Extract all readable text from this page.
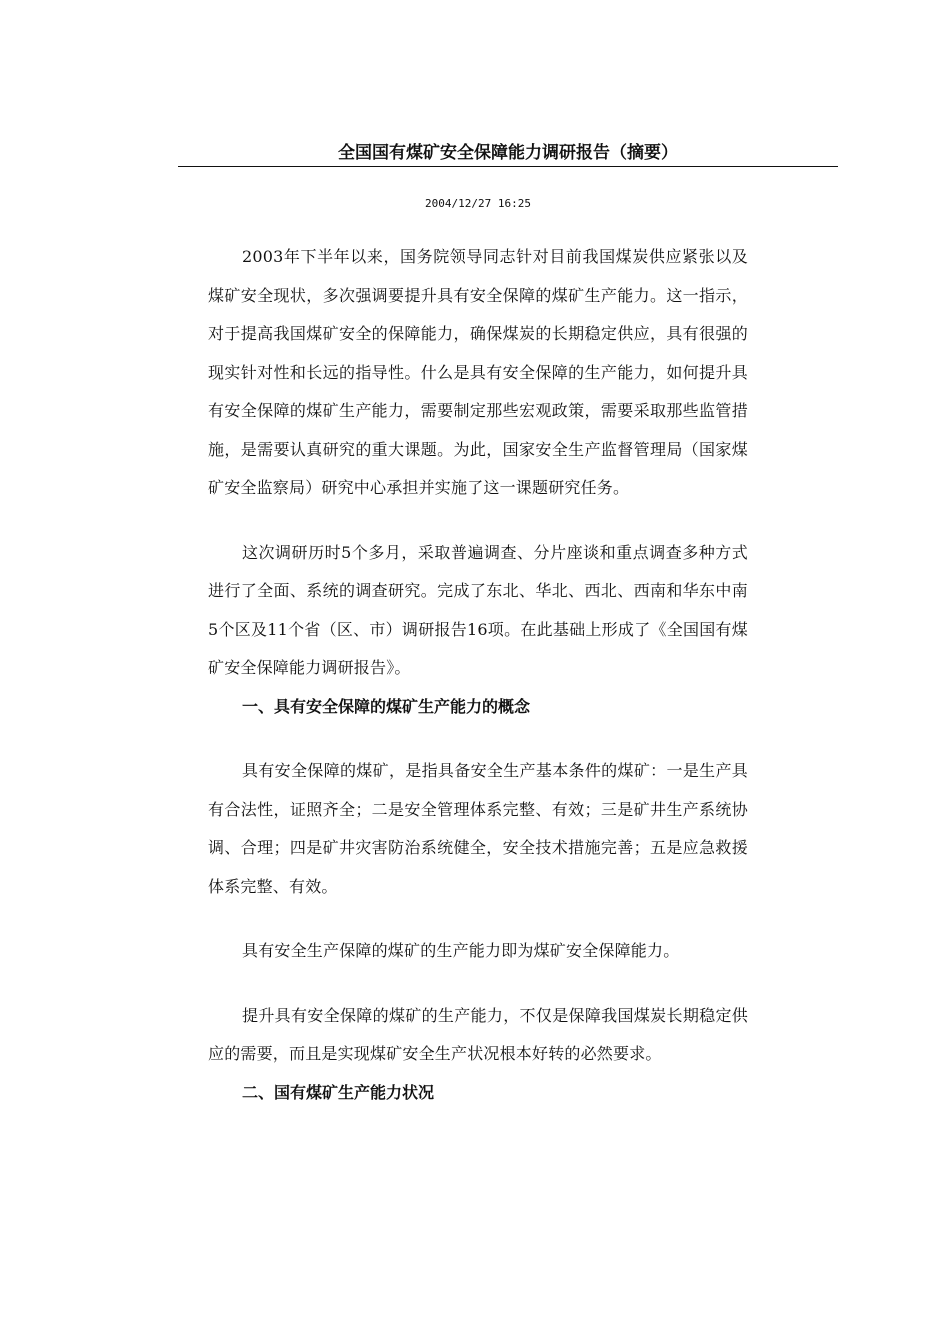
全国国有煤矿安全保障能力调研报告（摘要）
2004/12/27 16:25

2003年下半年以来，国务院领导同志针对目前我国煤炭供应紧张以及煤矿安全现状，多次强调要提升具有安全保障的煤矿生产能力。这一指示，对于提高我国煤矿安全的保障能力，确保煤炭的长期稳定供应，具有很强的现实针对性和长远的指导性。什么是具有安全保障的生产能力，如何提升具有安全保障的煤矿生产能力，需要制定那些宏观政策，需要采取那些监管措施，是需要认真研究的重大课题。为此，国家安全生产监督管理局（国家煤矿安全监察局）研究中心承担并实施了这一课题研究任务。

这次调研历时5个多月，采取普遍调查、分片座谈和重点调查多种方式进行了全面、系统的调查研究。完成了东北、华北、西北、西南和华东中南5个区及11个省（区、市）调研报告16项。在此基础上形成了《全国国有煤矿安全保障能力调研报告》。

一、具有安全保障的煤矿生产能力的概念

具有安全保障的煤矿，是指具备安全生产基本条件的煤矿：一是生产具有合法性，证照齐全；二是安全管理体系完整、有效；三是矿井生产系统协调、合理；四是矿井灾害防治系统健全，安全技术措施完善；五是应急救援体系完整、有效。

具有安全生产保障的煤矿的生产能力即为煤矿安全保障能力。

提升具有安全保障的煤矿的生产能力，不仅是保障我国煤炭长期稳定供应的需要，而且是实现煤矿安全生产状况根本好转的必然要求。

二、国有煤矿生产能力状况
